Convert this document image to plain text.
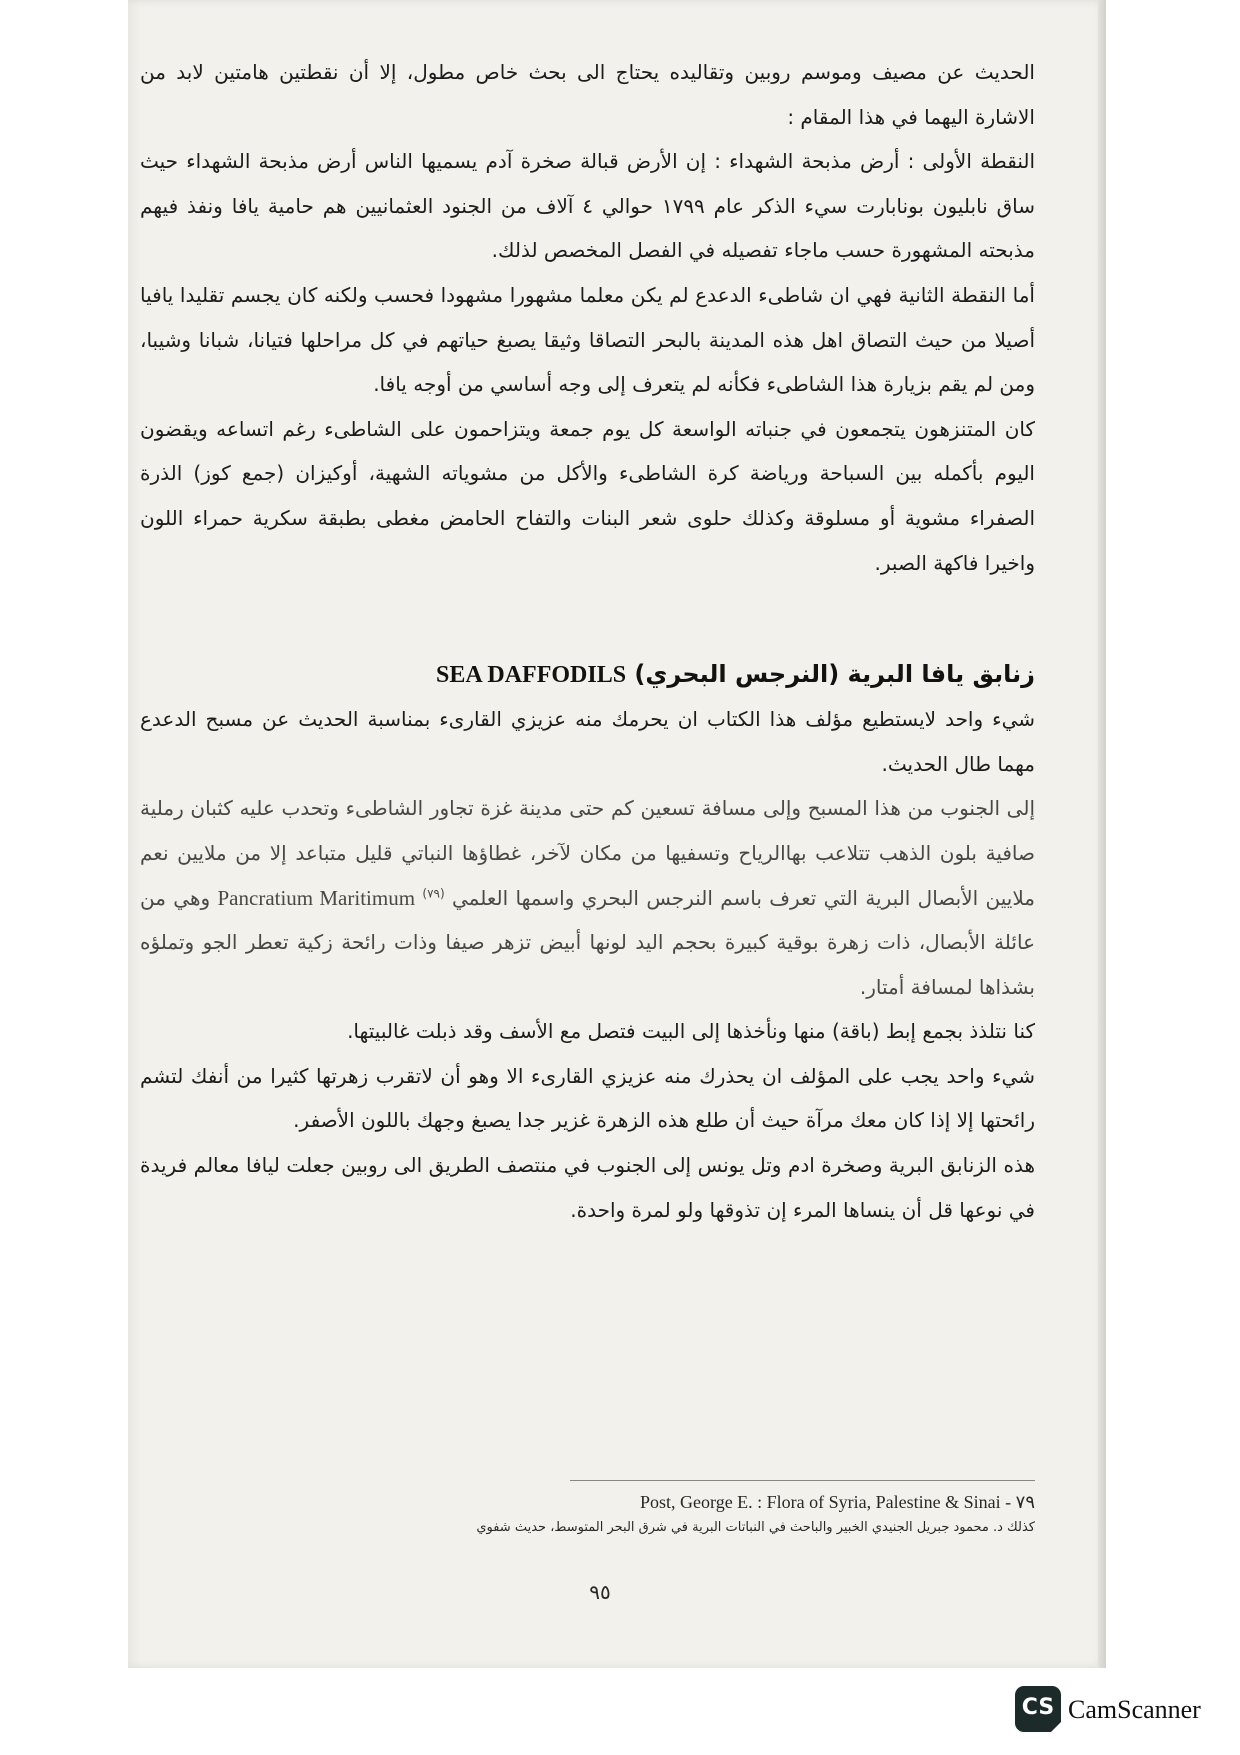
الحديث عن مصيف وموسم روبين وتقاليده يحتاج الى بحث خاص مطول، إلا أن نقطتين هامتين لابد من الاشارة اليهما في هذا المقام :

النقطة الأولى : أرض مذبحة الشهداء : إن الأرض قبالة صخرة آدم يسميها الناس أرض مذبحة الشهداء حيث ساق نابليون بونابارت سيء الذكر عام ١٧٩٩ حوالي ٤ آلاف من الجنود العثمانيين هم حامية يافا ونفذ فيهم مذبحته المشهورة حسب ماجاء تفصيله في الفصل المخصص لذلك.

أما النقطة الثانية فهي ان شاطىء الدعدع لم يكن معلما مشهورا مشهودا فحسب ولكنه كان يجسم تقليدا يافيا أصيلا من حيث التصاق اهل هذه المدينة بالبحر التصاقا وثيقا يصبغ حياتهم في كل مراحلها فتيانا، شبانا وشيبا، ومن لم يقم بزيارة هذا الشاطىء فكأنه لم يتعرف إلى وجه أساسي من أوجه يافا.

كان المتنزهون يتجمعون في جنباته الواسعة كل يوم جمعة ويتزاحمون على الشاطىء رغم اتساعه ويقضون اليوم بأكمله بين السباحة ورياضة كرة الشاطىء والأكل من مشوياته الشهية، أوكيزان (جمع كوز) الذرة الصفراء مشوية أو مسلوقة وكذلك حلوى شعر البنات والتفاح الحامض مغطى بطبقة سكرية حمراء اللون واخيرا فاكهة الصبر.

زنابق يافا البرية (النرجس البحري) SEA DAFFODILS

شيء واحد لايستطيع مؤلف هذا الكتاب ان يحرمك منه عزيزي القارىء بمناسبة الحديث عن مسبح الدعدع مهما طال الحديث.

إلى الجنوب من هذا المسبح وإلى مسافة تسعين كم حتى مدينة غزة تجاور الشاطىء وتحدب عليه كثبان رملية صافية بلون الذهب تتلاعب بهاالرياح وتسفيها من مكان لآخر، غطاؤها النباتي قليل متباعد إلا من ملايين نعم ملايين الأبصال البرية التي تعرف باسم النرجس البحري واسمها العلمي $^{(٧٩)}$ Pancratium Maritimum وهي من عائلة الأبصال، ذات زهرة بوقية كبيرة بحجم اليد لونها أبيض تزهر صيفا وذات رائحة زكية تعطر الجو وتملؤه بشذاها لمسافة أمتار.

كنا نتلذذ بجمع إبط (باقة) منها ونأخذها إلى البيت فتصل مع الأسف وقد ذبلت غالبيتها.

شيء واحد يجب على المؤلف ان يحذرك منه عزيزي القارىء الا وهو أن لاتقرب زهرتها كثيرا من أنفك لتشم رائحتها إلا إذا كان معك مرآة حيث أن طلع هذه الزهرة غزير جدا يصبغ وجهك باللون الأصفر.

هذه الزنابق البرية وصخرة ادم وتل يونس إلى الجنوب في منتصف الطريق الى روبين جعلت ليافا معالم فريدة في نوعها قل أن ينساها المرء إن تذوقها ولو لمرة واحدة.

Post, George E. : Flora of Syria, Palestine & Sinai - ٧٩
كذلك د. محمود جبريل الجنيدي الخبير والباحث في النباتات البرية في شرق البحر المتوسط، حديث شفوي
٩٥
CS CamScanner
